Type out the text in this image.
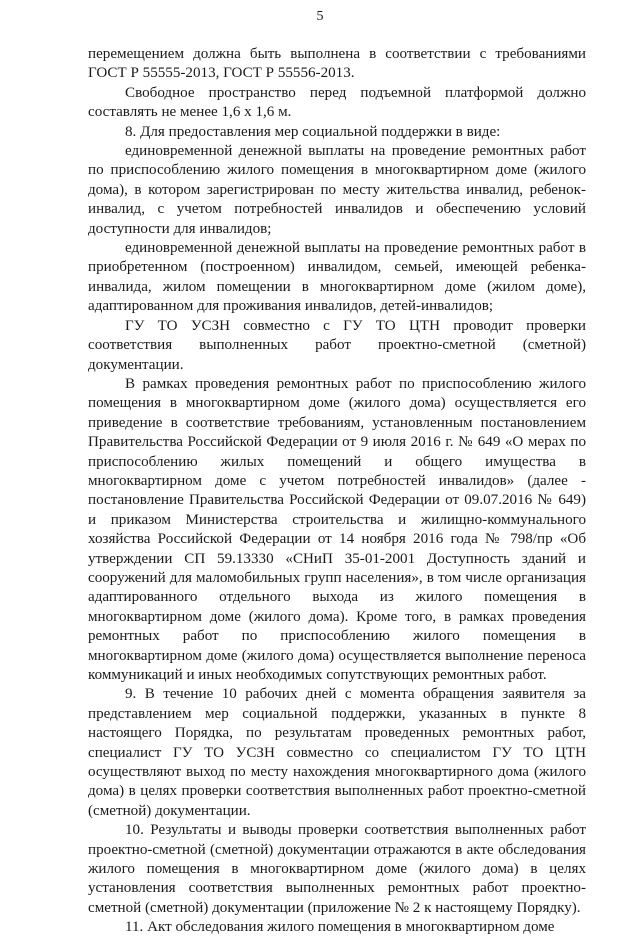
5

перемещением должна быть выполнена в соответствии с требованиями ГОСТ Р 55555-2013, ГОСТ Р 55556-2013.

Свободное пространство перед подъемной платформой должно составлять не менее 1,6 х 1,6 м.

8. Для предоставления мер социальной поддержки в виде:

единовременной денежной выплаты на проведение ремонтных работ по приспособлению жилого помещения в многоквартирном доме (жилого дома), в котором зарегистрирован по месту жительства инвалид, ребенок-инвалид, с учетом потребностей инвалидов и обеспечению условий доступности для инвалидов;

единовременной денежной выплаты на проведение ремонтных работ в приобретенном (построенном) инвалидом, семьей, имеющей ребенка-инвалида, жилом помещении в многоквартирном доме (жилом доме), адаптированном для проживания инвалидов, детей-инвалидов;

ГУ ТО УСЗН совместно с ГУ ТО ЦТН проводит проверки соответствия выполненных работ проектно-сметной (сметной) документации.

В рамках проведения ремонтных работ по приспособлению жилого помещения в многоквартирном доме (жилого дома) осуществляется его приведение в соответствие требованиям, установленным постановлением Правительства Российской Федерации от 9 июля 2016 г. № 649 «О мерах по приспособлению жилых помещений и общего имущества в многоквартирном доме с учетом потребностей инвалидов» (далее - постановление Правительства Российской Федерации от 09.07.2016 № 649) и приказом Министерства строительства и жилищно-коммунального хозяйства Российской Федерации от 14 ноября 2016 года № 798/пр «Об утверждении СП 59.13330 «СНиП 35-01-2001 Доступность зданий и сооружений для маломобильных групп населения», в том числе организация адаптированного отдельного выхода из жилого помещения в многоквартирном доме (жилого дома). Кроме того, в рамках проведения ремонтных работ по приспособлению жилого помещения в многоквартирном доме (жилого дома) осуществляется выполнение переноса коммуникаций и иных необходимых сопутствующих ремонтных работ.

9. В течение 10 рабочих дней с момента обращения заявителя за представлением мер социальной поддержки, указанных в пункте 8 настоящего Порядка, по результатам проведенных ремонтных работ, специалист ГУ ТО УСЗН совместно со специалистом ГУ ТО ЦТН осуществляют выход по месту нахождения многоквартирного дома (жилого дома) в целях проверки соответствия выполненных работ проектно-сметной (сметной) документации.

10. Результаты и выводы проверки соответствия выполненных работ проектно-сметной (сметной) документации отражаются в акте обследования жилого помещения в многоквартирном доме (жилого дома) в целях установления соответствия выполненных ремонтных работ проектно-сметной (сметной) документации (приложение № 2 к настоящему Порядку).

11. Акт обследования жилого помещения в многоквартирном доме
